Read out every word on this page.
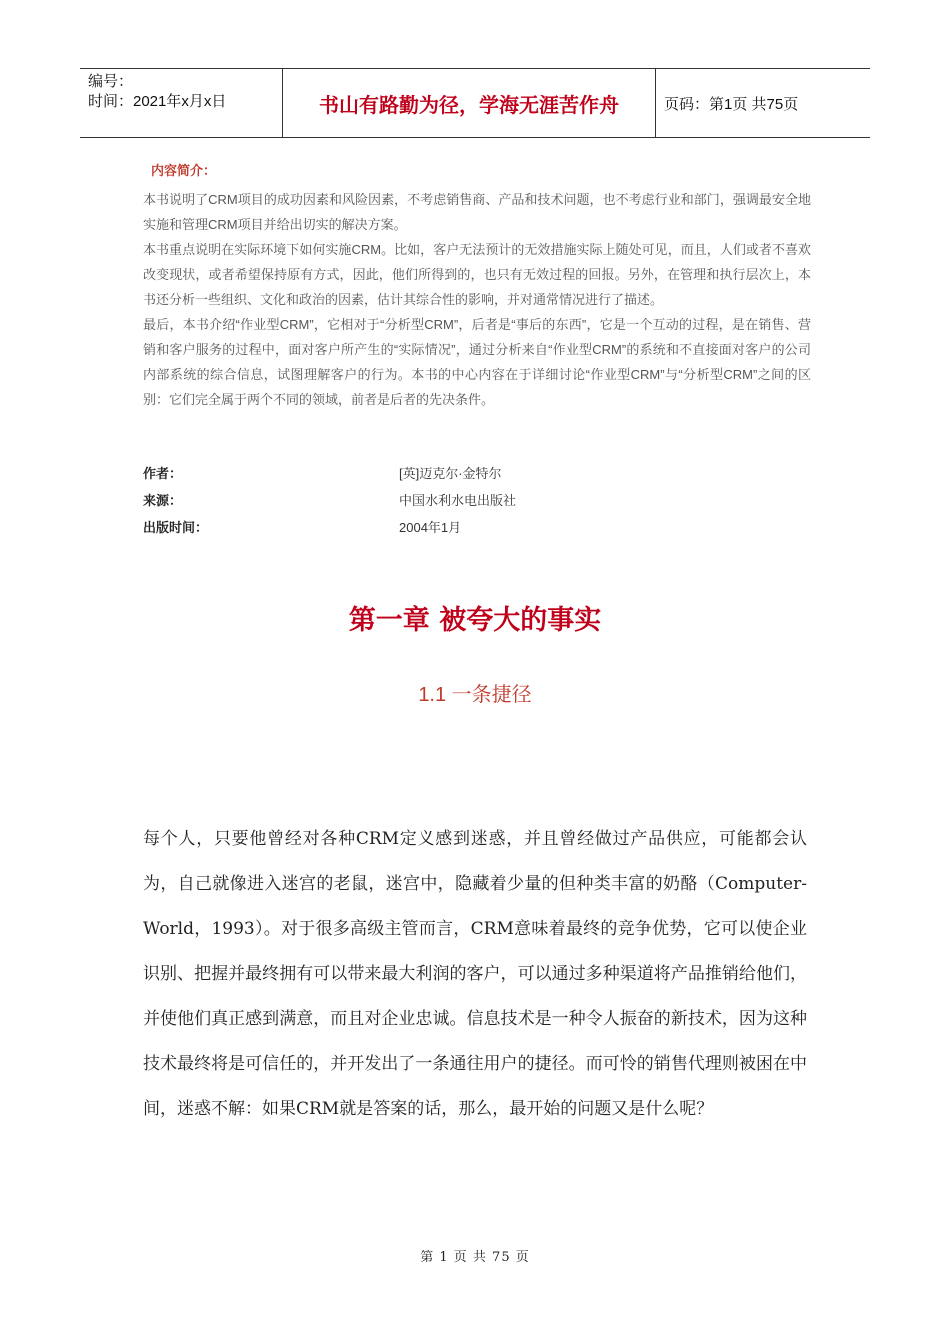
编号：
时间：2021年x月x日	书山有路勤为径，学海无涯苦作舟	页码：第1页 共75页
内容简介：

本书说明了CRM项目的成功因素和风险因素，不考虑销售商、产品和技术问题，也不考虑行业和部门，强调最安全地实施和管理CRM项目并给出切实的解决方案。

本书重点说明在实际环境下如何实施CRM。比如，客户无法预计的无效措施实际上随处可见，而且，人们或者不喜欢改变现状，或者希望保持原有方式，因此，他们所得到的，也只有无效过程的回报。另外，在管理和执行层次上，本书还分析一些组织、文化和政治的因素，估计其综合性的影响，并对通常情况进行了描述。

最后，本书介绍“作业型CRM”，它相对于“分析型CRM”，后者是“事后的东西”，它是一个互动的过程，是在销售、营销和客户服务的过程中，面对客户所产生的“实际情况”，通过分析来自“作业型CRM”的系统和不直接面对客户的公司内部系统的综合信息，试图理解客户的行为。本书的中心内容在于详细讨论“作业型CRM”与“分析型CRM”之间的区别：它们完全属于两个不同的领域，前者是后者的先决条件。

作者：	[英]迈克尔·金特尔
来源：	中国水利水电出版社
出版时间：	2004年1月
第一章 被夸大的事实
1.1 一条捷径

每个人，只要他曾经对各种CRM定义感到迷惑，并且曾经做过产品供应，可能都会认为，自己就像进入迷宫的老鼠，迷宫中，隐藏着少量的但种类丰富的奶酪（Computer-World，1993）。对于很多高级主管而言，CRM意味着最终的竞争优势，它可以使企业识别、把握并最终拥有可以带来最大利润的客户，可以通过多种渠道将产品推销给他们，并使他们真正感到满意，而且对企业忠诚。信息技术是一种令人振奋的新技术，因为这种技术最终将是可信任的，并开发出了一条通往用户的捷径。而可怜的销售代理则被困在中间，迷惑不解：如果CRM就是答案的话，那么，最开始的问题又是什么呢？

第 1 页 共 75 页
